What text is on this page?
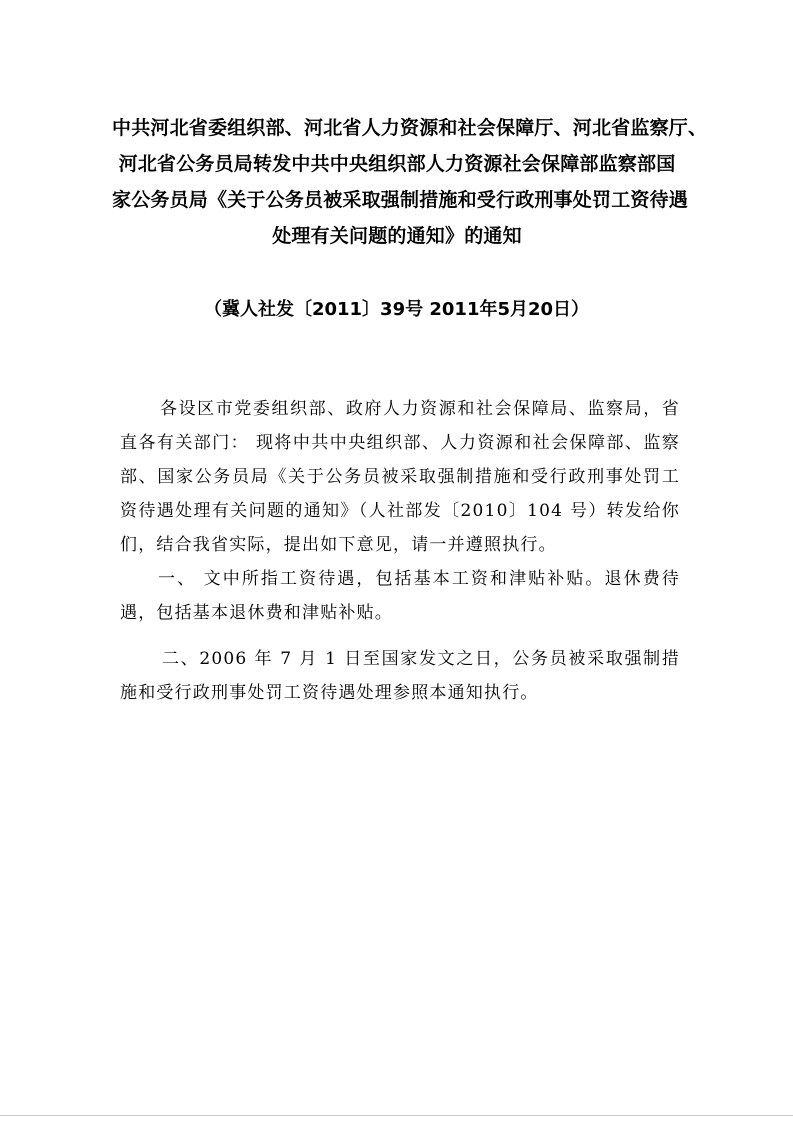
中共河北省委组织部、河北省人力资源和社会保障厅、河北省监察厅、
河北省公务员局转发中共中央组织部人力资源社会保障部监察部国
家公务员局《关于公务员被采取强制措施和受行政刑事处罚工资待遇
处理有关问题的通知》的通知
（冀人社发〔2011〕39号 2011年5月20日）

各设区市党委组织部、政府人力资源和社会保障局、监察局，省直各有关部门： 现将中共中央组织部、人力资源和社会保障部、监察部、国家公务员局《关于公务员被采取强制措施和受行政刑事处罚工资待遇处理有关问题的通知》（人社部发〔2010〕104 号）转发给你们，结合我省实际，提出如下意见，请一并遵照执行。

一、 文中所指工资待遇，包括基本工资和津贴补贴。退休费待遇，包括基本退休费和津贴补贴。

二、2006 年 7 月 1 日至国家发文之日，公务员被采取强制措施和受行政刑事处罚工资待遇处理参照本通知执行。
